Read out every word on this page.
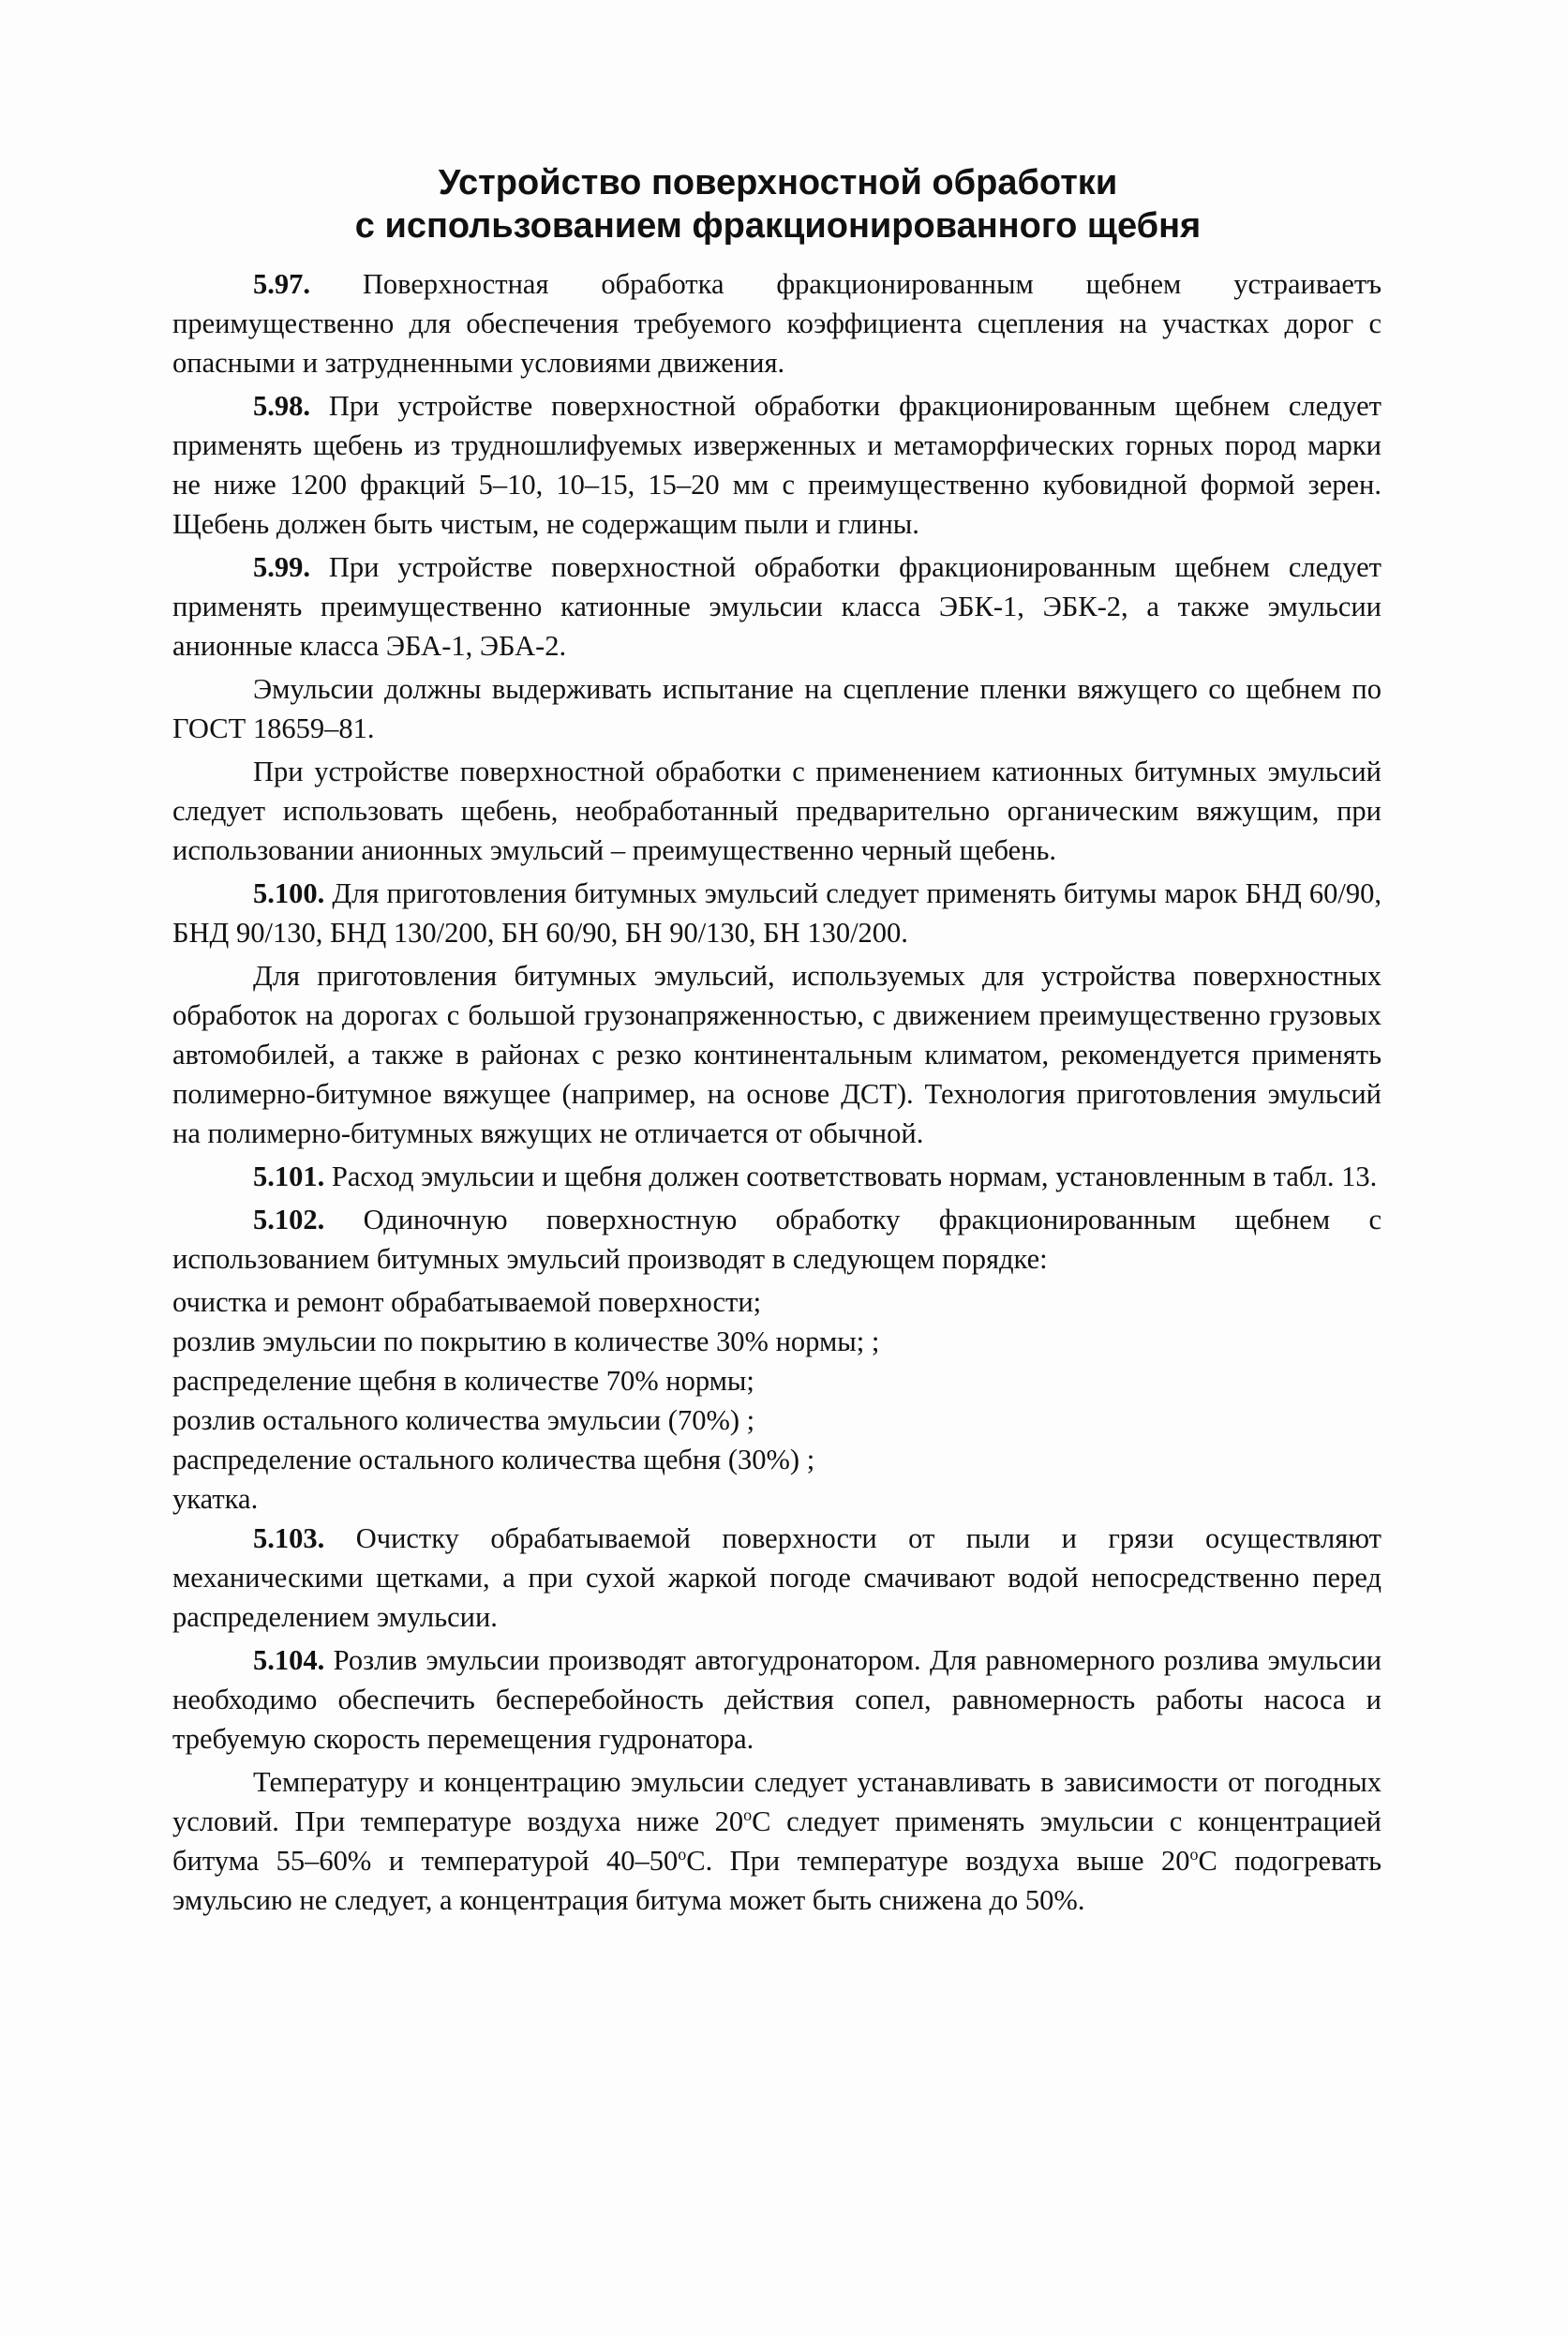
Устройство поверхностной обработки
с использованием фракционированного щебня

5.97. Поверхностная обработка фракционированным щебнем устраиваетъ преимущественно для обеспечения требуемого коэффициента сцепления на участках дорог с опасными и затрудненными условиями движения.

5.98. При устройстве поверхностной обработки фракционированным щебнем следует применять щебень из трудношлифуемых изверженных и метаморфических горных пород марки не ниже 1200 фракций 5–10, 10–15, 15–20 мм с преимущественно кубовидной формой зерен. Щебень должен быть чистым, не содержащим пыли и глины.

5.99. При устройстве поверхностной обработки фракционированным щебнем следует применять преимущественно катионные эмульсии класса ЭБК-1, ЭБК-2, а также эмульсии анионные класса ЭБА-1, ЭБА-2.

Эмульсии должны выдерживать испытание на сцепление пленки вяжущего со щебнем по ГОСТ 18659–81.

При устройстве поверхностной обработки с применением катионных битумных эмульсий следует использовать щебень, необработанный предварительно органическим вяжущим, при использовании анионных эмульсий – преимущественно черный щебень.

5.100. Для приготовления битумных эмульсий следует применять битумы марок БНД 60/90, БНД 90/130, БНД 130/200, БН 60/90, БН 90/130, БН 130/200.

Для приготовления битумных эмульсий, используемых для устройства поверхностных обработок на дорогах с большой грузонапряженностью, с движением преимущественно грузовых автомобилей, а также в районах с резко континентальным климатом, рекомендуется применять полимерно-битумное вяжущее (например, на основе ДСТ). Технология приготовления эмульсий на полимерно-битумных вяжущих не отличается от обычной.

5.101. Расход эмульсии и щебня должен соответствовать нормам, установленным в табл. 13.

5.102. Одиночную поверхностную обработку фракционированным щебнем с использованием битумных эмульсий производят в следующем порядке:

очистка и ремонт обрабатываемой поверхности;
розлив эмульсии по покрытию в количестве 30% нормы; ;
распределение щебня в количестве 70% нормы;
розлив остального количества эмульсии (70%) ;
распределение остального количества щебня (30%) ;
укатка.

5.103. Очистку обрабатываемой поверхности от пыли и грязи осуществляют механическими щетками, а при сухой жаркой погоде смачивают водой непосредственно перед распределением эмульсии.

5.104. Розлив эмульсии производят автогудронатором. Для равномерного розлива эмульсии необходимо обеспечить бесперебойность действия сопел, равномерность работы насоса и требуемую скорость перемещения гудронатора.

Температуру и концентрацию эмульсии следует устанавливать в зависимости от погодных условий. При температуре воздуха ниже $20^оС$ следует применять эмульсии с концентрацией битума 55–60% и температурой $40-50^оС$. При температуре воздуха выше $20^оС$ подогревать эмульсию не следует, а концентрация битума может быть снижена до 50%.
